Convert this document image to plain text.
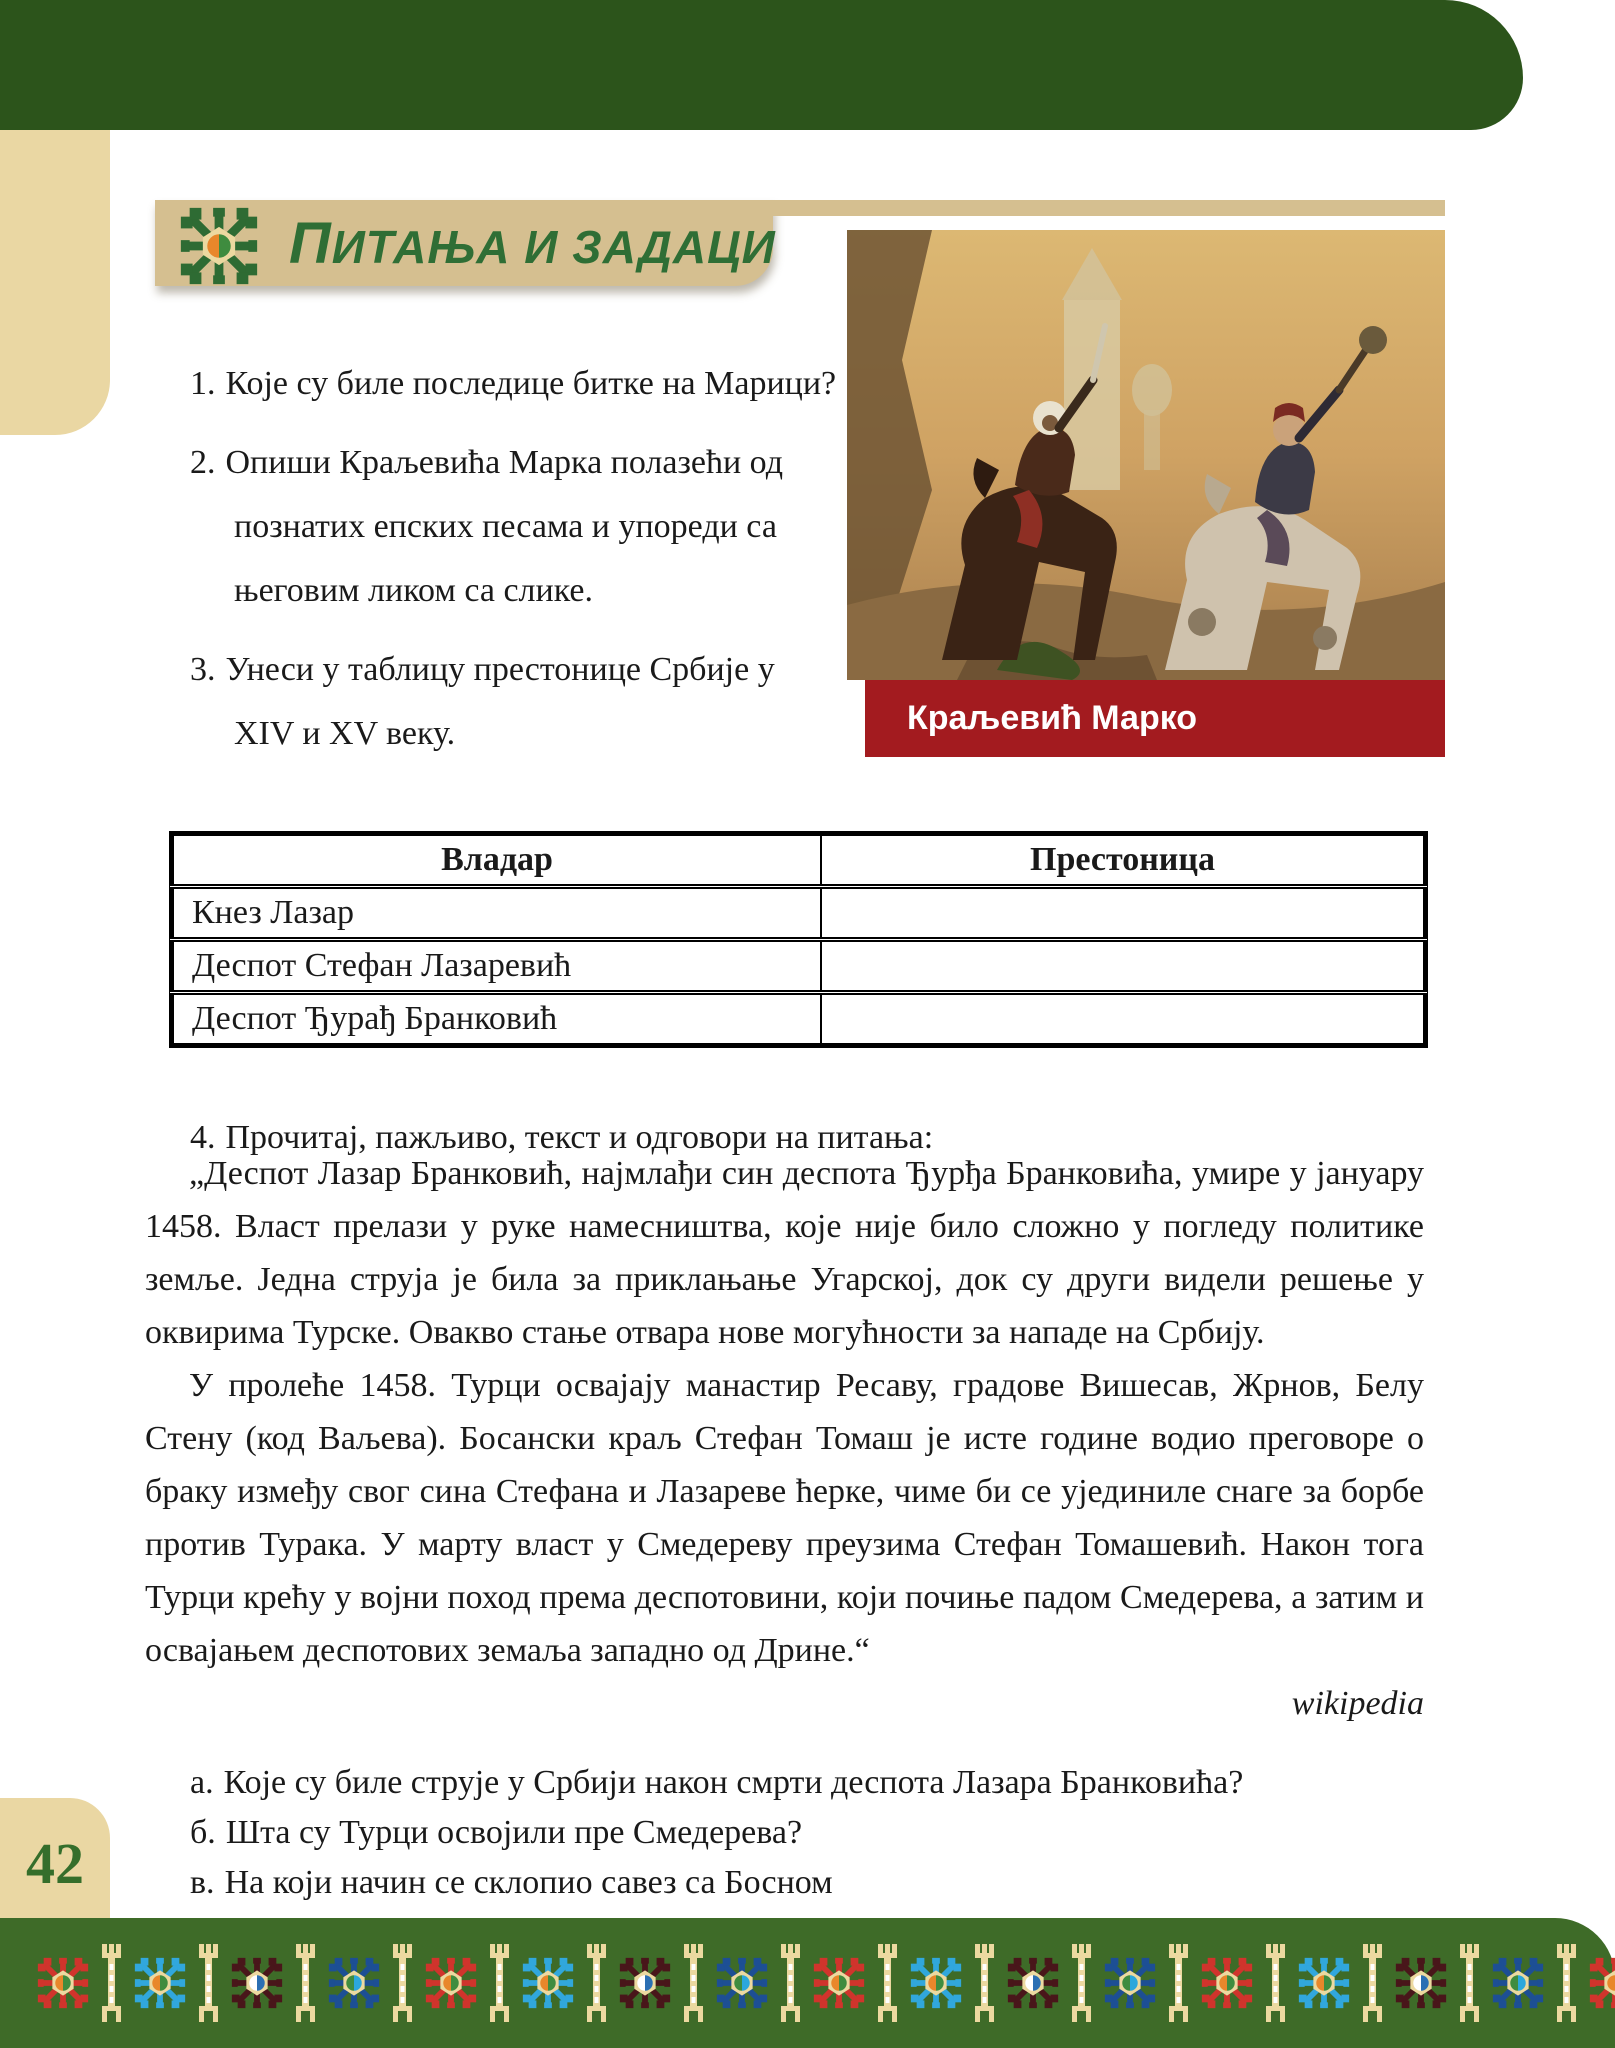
ПИТАЊА И ЗАДАЦИ
Краљевић Марко

1. Које су биле последице битке на Марици?

2. Опиши Краљевића Марка полазећи од познатих епских песама и упореди са његовим ликом са слике.

3. Унеси у таблицу престонице Србије у XIV и XV веку.

Владар	Престоница
Кнез Лазар	
Деспот Стефан Лазаревић	
Деспот Ђурађ Бранковић	

4. Прочитај, пажљиво, текст и одговори на питања:

„Деспот Лазар Бранковић, најмлађи син деспота Ђурђа Бранковића, умире у јануару 1458. Власт прелази у руке намесништва, које није било сложно у погледу политике земље. Једна струја је била за приклањање Угарској, док су други видели решење у оквирима Турске. Овакво стање отвара нове могућности за нападе на Србију.

У пролеће 1458. Турци освајају манастир Ресаву, градове Вишесав, Жрнов, Белу Стену (код Ваљева). Босански краљ Стефан Томаш је исте године водио преговоре о браку између свог сина Стефана и Лазареве ћерке, чиме би се ујединиле снаге за борбе против Турака. У марту власт у Смедереву преузима Стефан Томашевић. Након тога Турци крећу у војни поход према деспотовини, који почиње падом Смедерева, а затим и освајањем деспотових земаља западно од Дрине.“

wikipedia

а. Које су биле струје у Србији након смрти деспота Лазара Бранковића?

б. Шта су Турци освојили пре Смедерева?

в. На који начин се склопио савез са Босном

42
